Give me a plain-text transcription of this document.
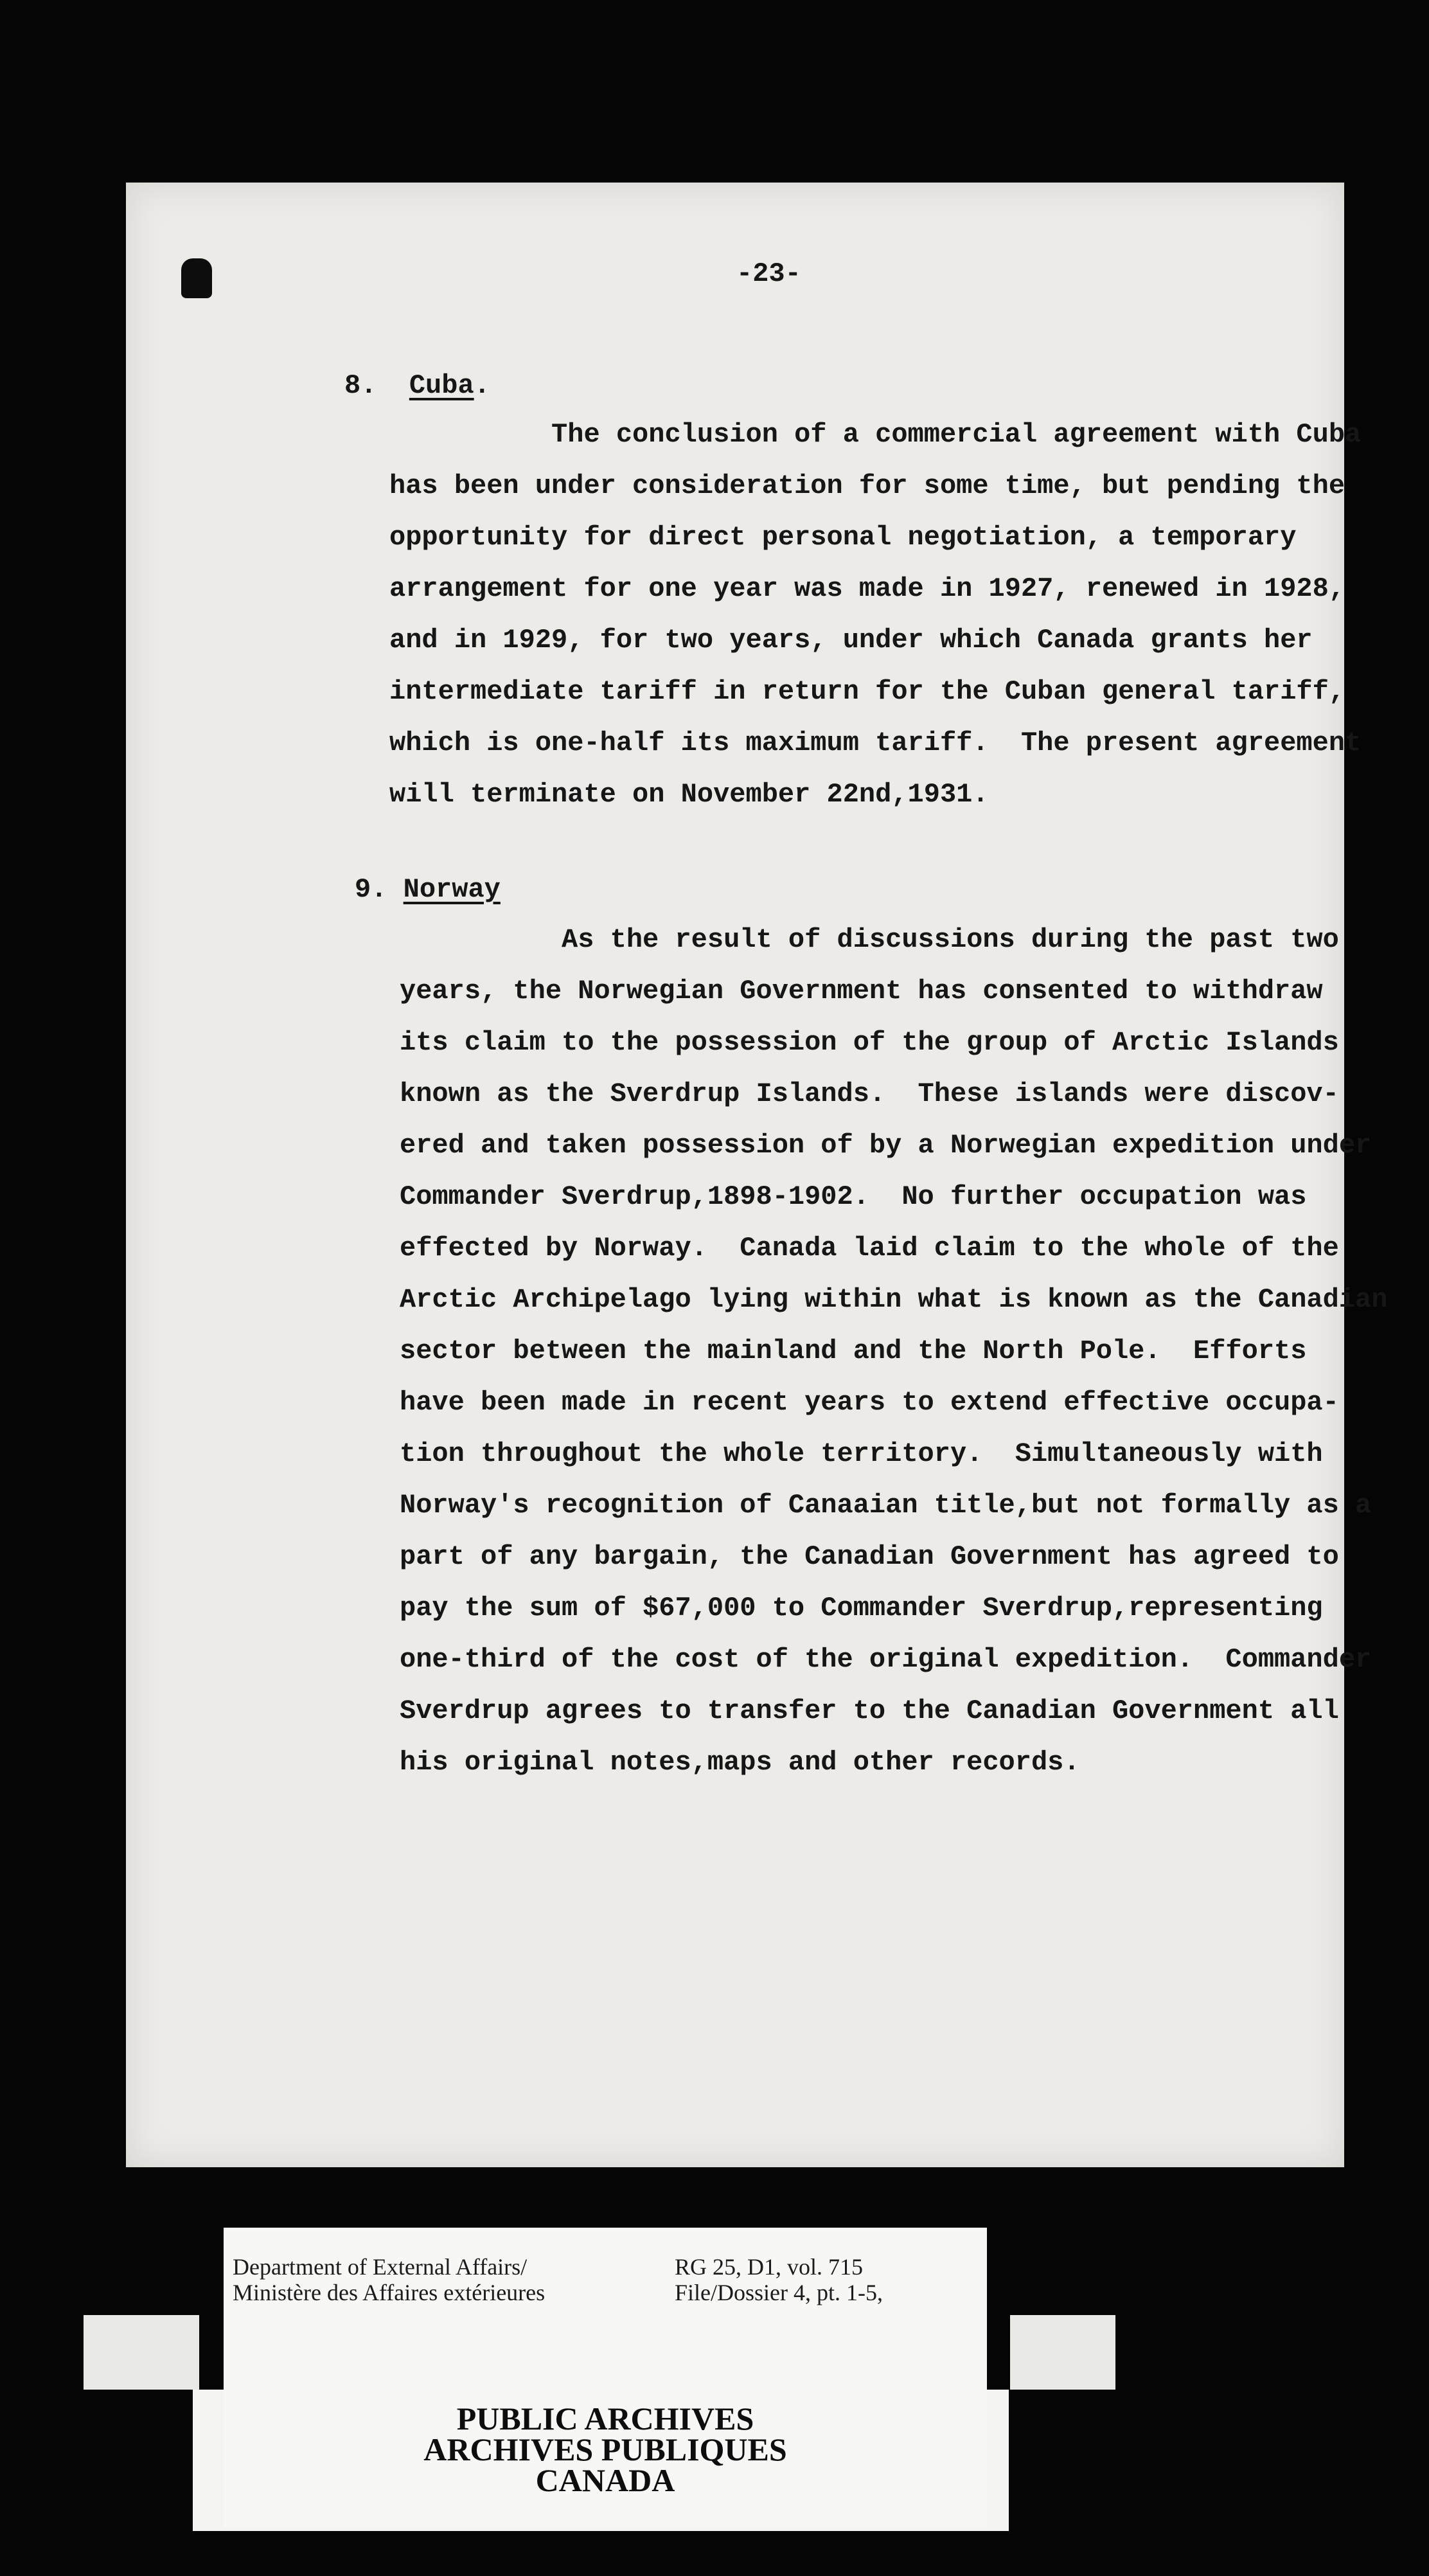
-23-
8. Cuba.
The conclusion of a commercial agreement with Cuba
has been under consideration for some time, but pending the
opportunity for direct personal negotiation, a temporary
arrangement for one year was made in 1927, renewed in 1928,
and in 1929, for two years, under which Canada grants her
intermediate tariff in return for the Cuban general tariff,
which is one-half its maximum tariff.  The present agreement
will terminate on November 22nd,1931.
9. Norway
As the result of discussions during the past two
years, the Norwegian Government has consented to withdraw
its claim to the possession of the group of Arctic Islands
known as the Sverdrup Islands.  These islands were discov-
ered and taken possession of by a Norwegian expedition under
Commander Sverdrup,1898-1902.  No further occupation was
effected by Norway.  Canada laid claim to the whole of the
Arctic Archipelago lying within what is known as the Canadian
sector between the mainland and the North Pole.  Efforts
have been made in recent years to extend effective occupa-
tion throughout the whole territory.  Simultaneously with
Norway's recognition of Canaaian title,but not formally as a
part of any bargain, the Canadian Government has agreed to
pay the sum of $67,000 to Commander Sverdrup,representing
one-third of the cost of the original expedition.  Commander
Sverdrup agrees to transfer to the Canadian Government all
his original notes,maps and other records.
Department of External Affairs/
Ministère des Affaires extérieures
RG 25, D1, vol. 715
File/Dossier 4, pt. 1-5,
PUBLIC ARCHIVES
ARCHIVES PUBLIQUES
CANADA
